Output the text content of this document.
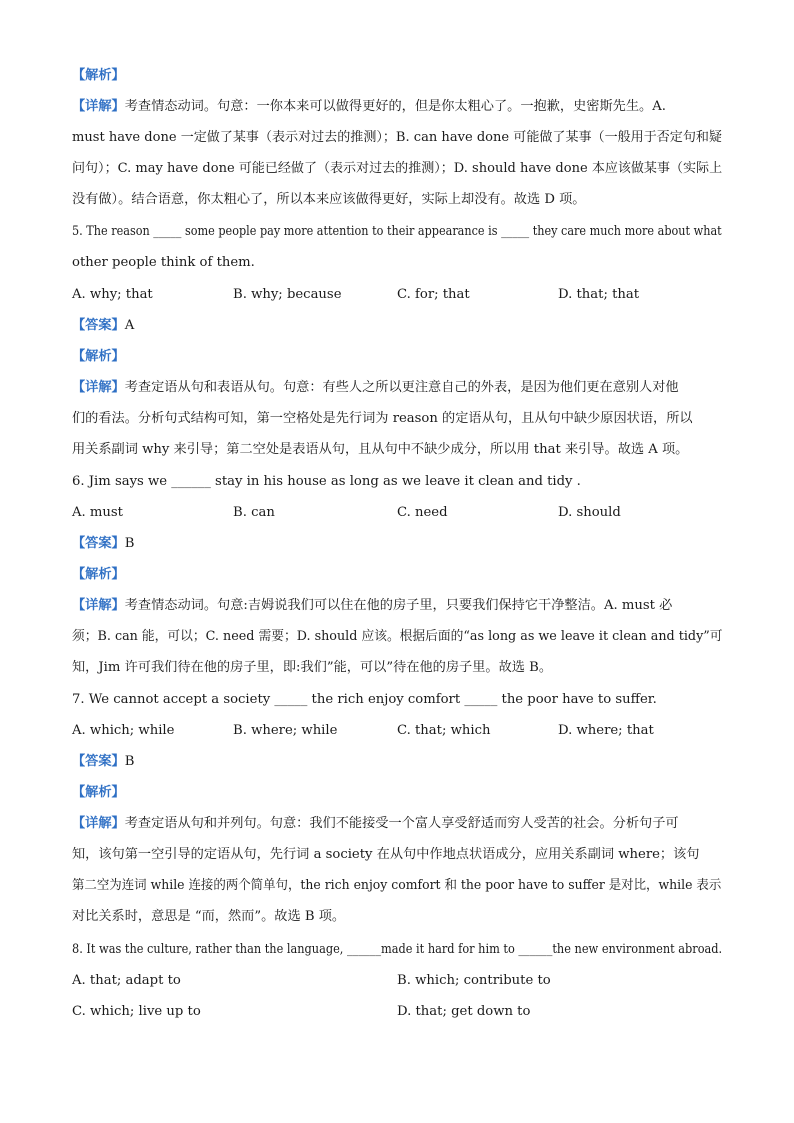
【解析】
【详解】考查情态动词。句意：一你本来可以做得更好的，但是你太粗心了。一抱歉，史密斯先生。A.
must have done 一定做了某事（表示对过去的推测）；B. can have done 可能做了某事（一般用于否定句和疑
问句）；C. may have done 可能已经做了（表示对过去的推测）；D. should have done 本应该做某事（实际上
没有做）。结合语意，你太粗心了，所以本来应该做得更好，实际上却没有。故选 D 项。
5. The reason _____ some people pay more attention to their appearance is _____ they care much more about what
other people think of them.
A. why; that	B. why; because	C. for; that	D. that; that
【答案】A
【解析】
【详解】考查定语从句和表语从句。句意：有些人之所以更注意自己的外表，是因为他们更在意别人对他
们的看法。分析句式结构可知，第一空格处是先行词为 reason 的定语从句，且从句中缺少原因状语，所以
用关系副词 why 来引导；第二空处是表语从句，且从句中不缺少成分，所以用 that 来引导。故选 A 项。
6. Jim says we ______ stay in his house as long as we leave it clean and tidy .
A. must	B. can	C. need	D. should
【答案】B
【解析】
【详解】考查情态动词。句意:吉姆说我们可以住在他的房子里，只要我们保持它干净整洁。A. must 必
须；B. can 能，可以；C. need 需要；D. should 应该。根据后面的“as long as we leave it clean and tidy”可
知，Jim 许可我们待在他的房子里，即:我们”能，可以”待在他的房子里。故选 B。
7. We cannot accept a society _____ the rich enjoy comfort _____ the poor have to suffer.
A. which; while	B. where; while	C. that; which	D. where; that
【答案】B
【解析】
【详解】考查定语从句和并列句。句意：我们不能接受一个富人享受舒适而穷人受苦的社会。分析句子可
知，该句第一空引导的定语从句，先行词 a society 在从句中作地点状语成分，应用关系副词 where；该句
第二空为连词 while 连接的两个简单句，the rich enjoy comfort 和 the poor have to suffer 是对比，while 表示
对比关系时，意思是 “而，然而”。故选 B 项。
8. It was the culture, rather than the language, ______made it hard for him to ______the new environment abroad.
A. that; adapt to	B. which; contribute to
C. which; live up to	D. that; get down to
